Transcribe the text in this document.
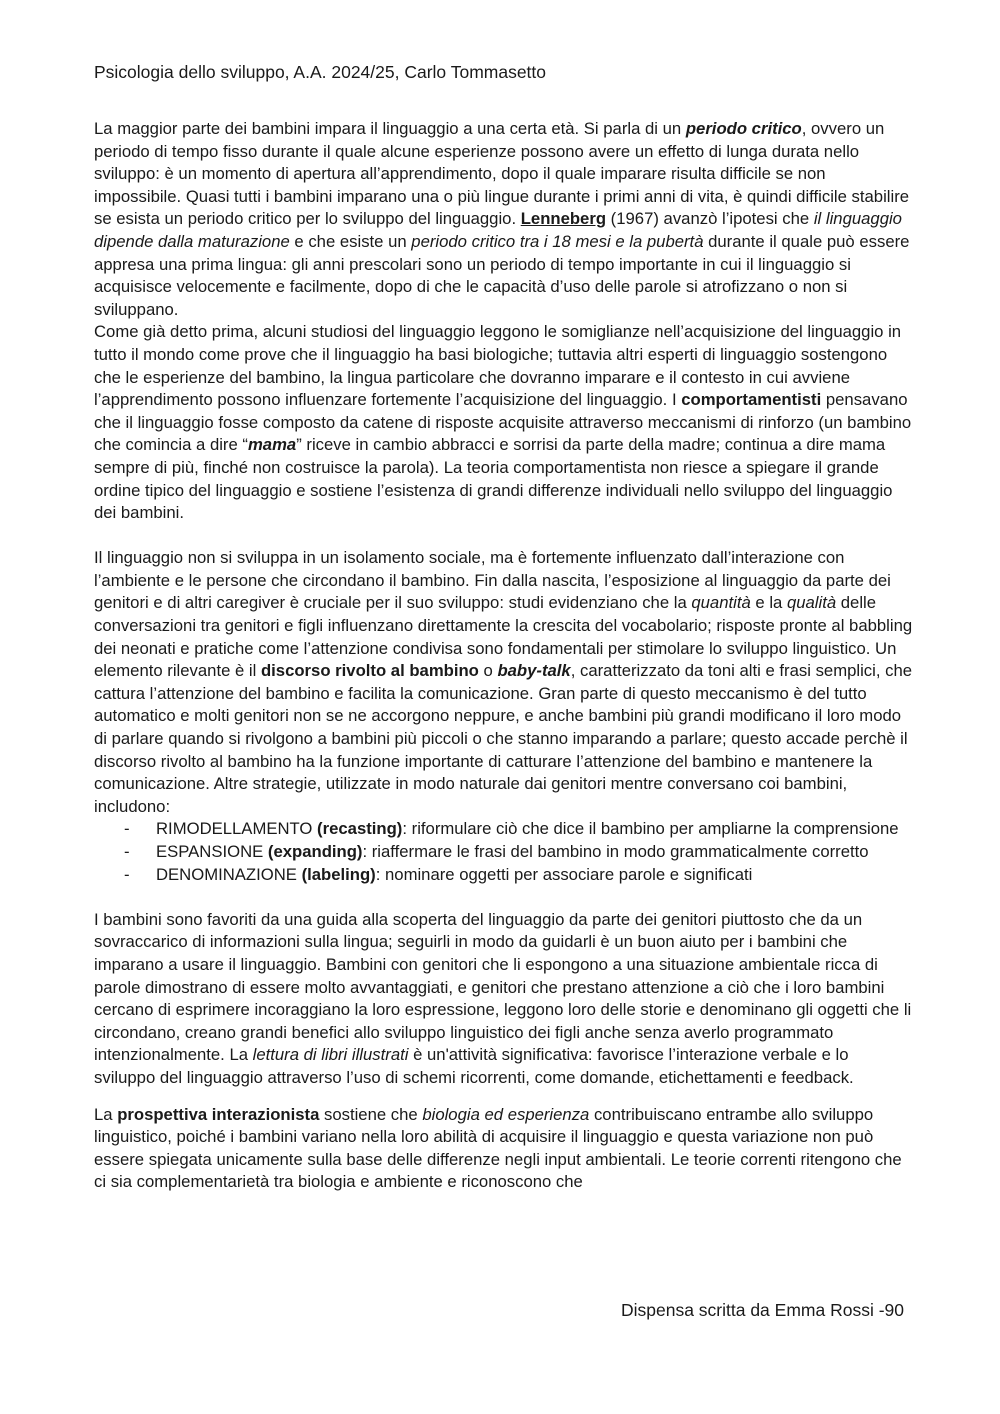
Psicologia dello sviluppo, A.A. 2024/25, Carlo Tommasetto

La maggior parte dei bambini impara il linguaggio a una certa età. Si parla di un periodo critico, ovvero un periodo di tempo fisso durante il quale alcune esperienze possono avere un effetto di lunga durata nello sviluppo: è un momento di apertura all’apprendimento, dopo il quale imparare risulta difficile se non impossibile. Quasi tutti i bambini imparano una o più lingue durante i primi anni di vita, è quindi difficile stabilire se esista un periodo critico per lo sviluppo del linguaggio. Lenneberg (1967) avanzò l’ipotesi che il linguaggio dipende dalla maturazione e che esiste un periodo critico tra i 18 mesi e la pubertà durante il quale può essere appresa una prima lingua: gli anni prescolari sono un periodo di tempo importante in cui il linguaggio si acquisisce velocemente e facilmente, dopo di che le capacità d’uso delle parole si atrofizzano o non si sviluppano.

Come già detto prima, alcuni studiosi del linguaggio leggono le somiglianze nell’acquisizione del linguaggio in tutto il mondo come prove che il linguaggio ha basi biologiche; tuttavia altri esperti di linguaggio sostengono che le esperienze del bambino, la lingua particolare che dovranno imparare e il contesto in cui avviene l’apprendimento possono influenzare fortemente l’acquisizione del linguaggio. I comportamentisti pensavano che il linguaggio fosse composto da catene di risposte acquisite attraverso meccanismi di rinforzo (un bambino che comincia a dire “mama” riceve in cambio abbracci e sorrisi da parte della madre; continua a dire mama sempre di più, finché non costruisce la parola). La teoria comportamentista non riesce a spiegare il grande ordine tipico del linguaggio e sostiene l’esistenza di grandi differenze individuali nello sviluppo del linguaggio dei bambini.

Il linguaggio non si sviluppa in un isolamento sociale, ma è fortemente influenzato dall’interazione con l’ambiente e le persone che circondano il bambino. Fin dalla nascita, l’esposizione al linguaggio da parte dei genitori e di altri caregiver è cruciale per il suo sviluppo: studi evidenziano che la quantità e la qualità delle conversazioni tra genitori e figli influenzano direttamente la crescita del vocabolario; risposte pronte al babbling dei neonati e pratiche come l’attenzione condivisa sono fondamentali per stimolare lo sviluppo linguistico. Un elemento rilevante è il discorso rivolto al bambino o baby-talk, caratterizzato da toni alti e frasi semplici, che cattura l’attenzione del bambino e facilita la comunicazione. Gran parte di questo meccanismo è del tutto automatico e molti genitori non se ne accorgono neppure, e anche bambini più grandi modificano il loro modo di parlare quando si rivolgono a bambini più piccoli o che stanno imparando a parlare; questo accade perchè il discorso rivolto al bambino ha la funzione importante di catturare l’attenzione del bambino e mantenere la comunicazione. Altre strategie, utilizzate in modo naturale dai genitori mentre conversano coi bambini, includono:

- RIMODELLAMENTO (recasting): riformulare ciò che dice il bambino per ampliarne la comprensione
- ESPANSIONE (expanding): riaffermare le frasi del bambino in modo grammaticalmente corretto
- DENOMINAZIONE (labeling): nominare oggetti per associare parole e significati

I bambini sono favoriti da una guida alla scoperta del linguaggio da parte dei genitori piuttosto che da un sovraccarico di informazioni sulla lingua; seguirli in modo da guidarli è un buon aiuto per i bambini che imparano a usare il linguaggio. Bambini con genitori che li espongono a una situazione ambientale ricca di parole dimostrano di essere molto avvantaggiati, e genitori che prestano attenzione a ciò che i loro bambini cercano di esprimere incoraggiano la loro espressione, leggono loro delle storie e denominano gli oggetti che li circondano, creano grandi benefici allo sviluppo linguistico dei figli anche senza averlo programmato intenzionalmente. La lettura di libri illustrati è un'attività significativa: favorisce l’interazione verbale e lo sviluppo del linguaggio attraverso l’uso di schemi ricorrenti, come domande, etichettamenti e feedback.

La prospettiva interazionista sostiene che biologia ed esperienza contribuiscano entrambe allo sviluppo linguistico, poiché i bambini variano nella loro abilità di acquisire il linguaggio e questa variazione non può essere spiegata unicamente sulla base delle differenze negli input ambientali. Le teorie correnti ritengono che ci sia complementarietà tra biologia e ambiente e riconoscono che

Dispensa scritta da Emma Rossi -90
